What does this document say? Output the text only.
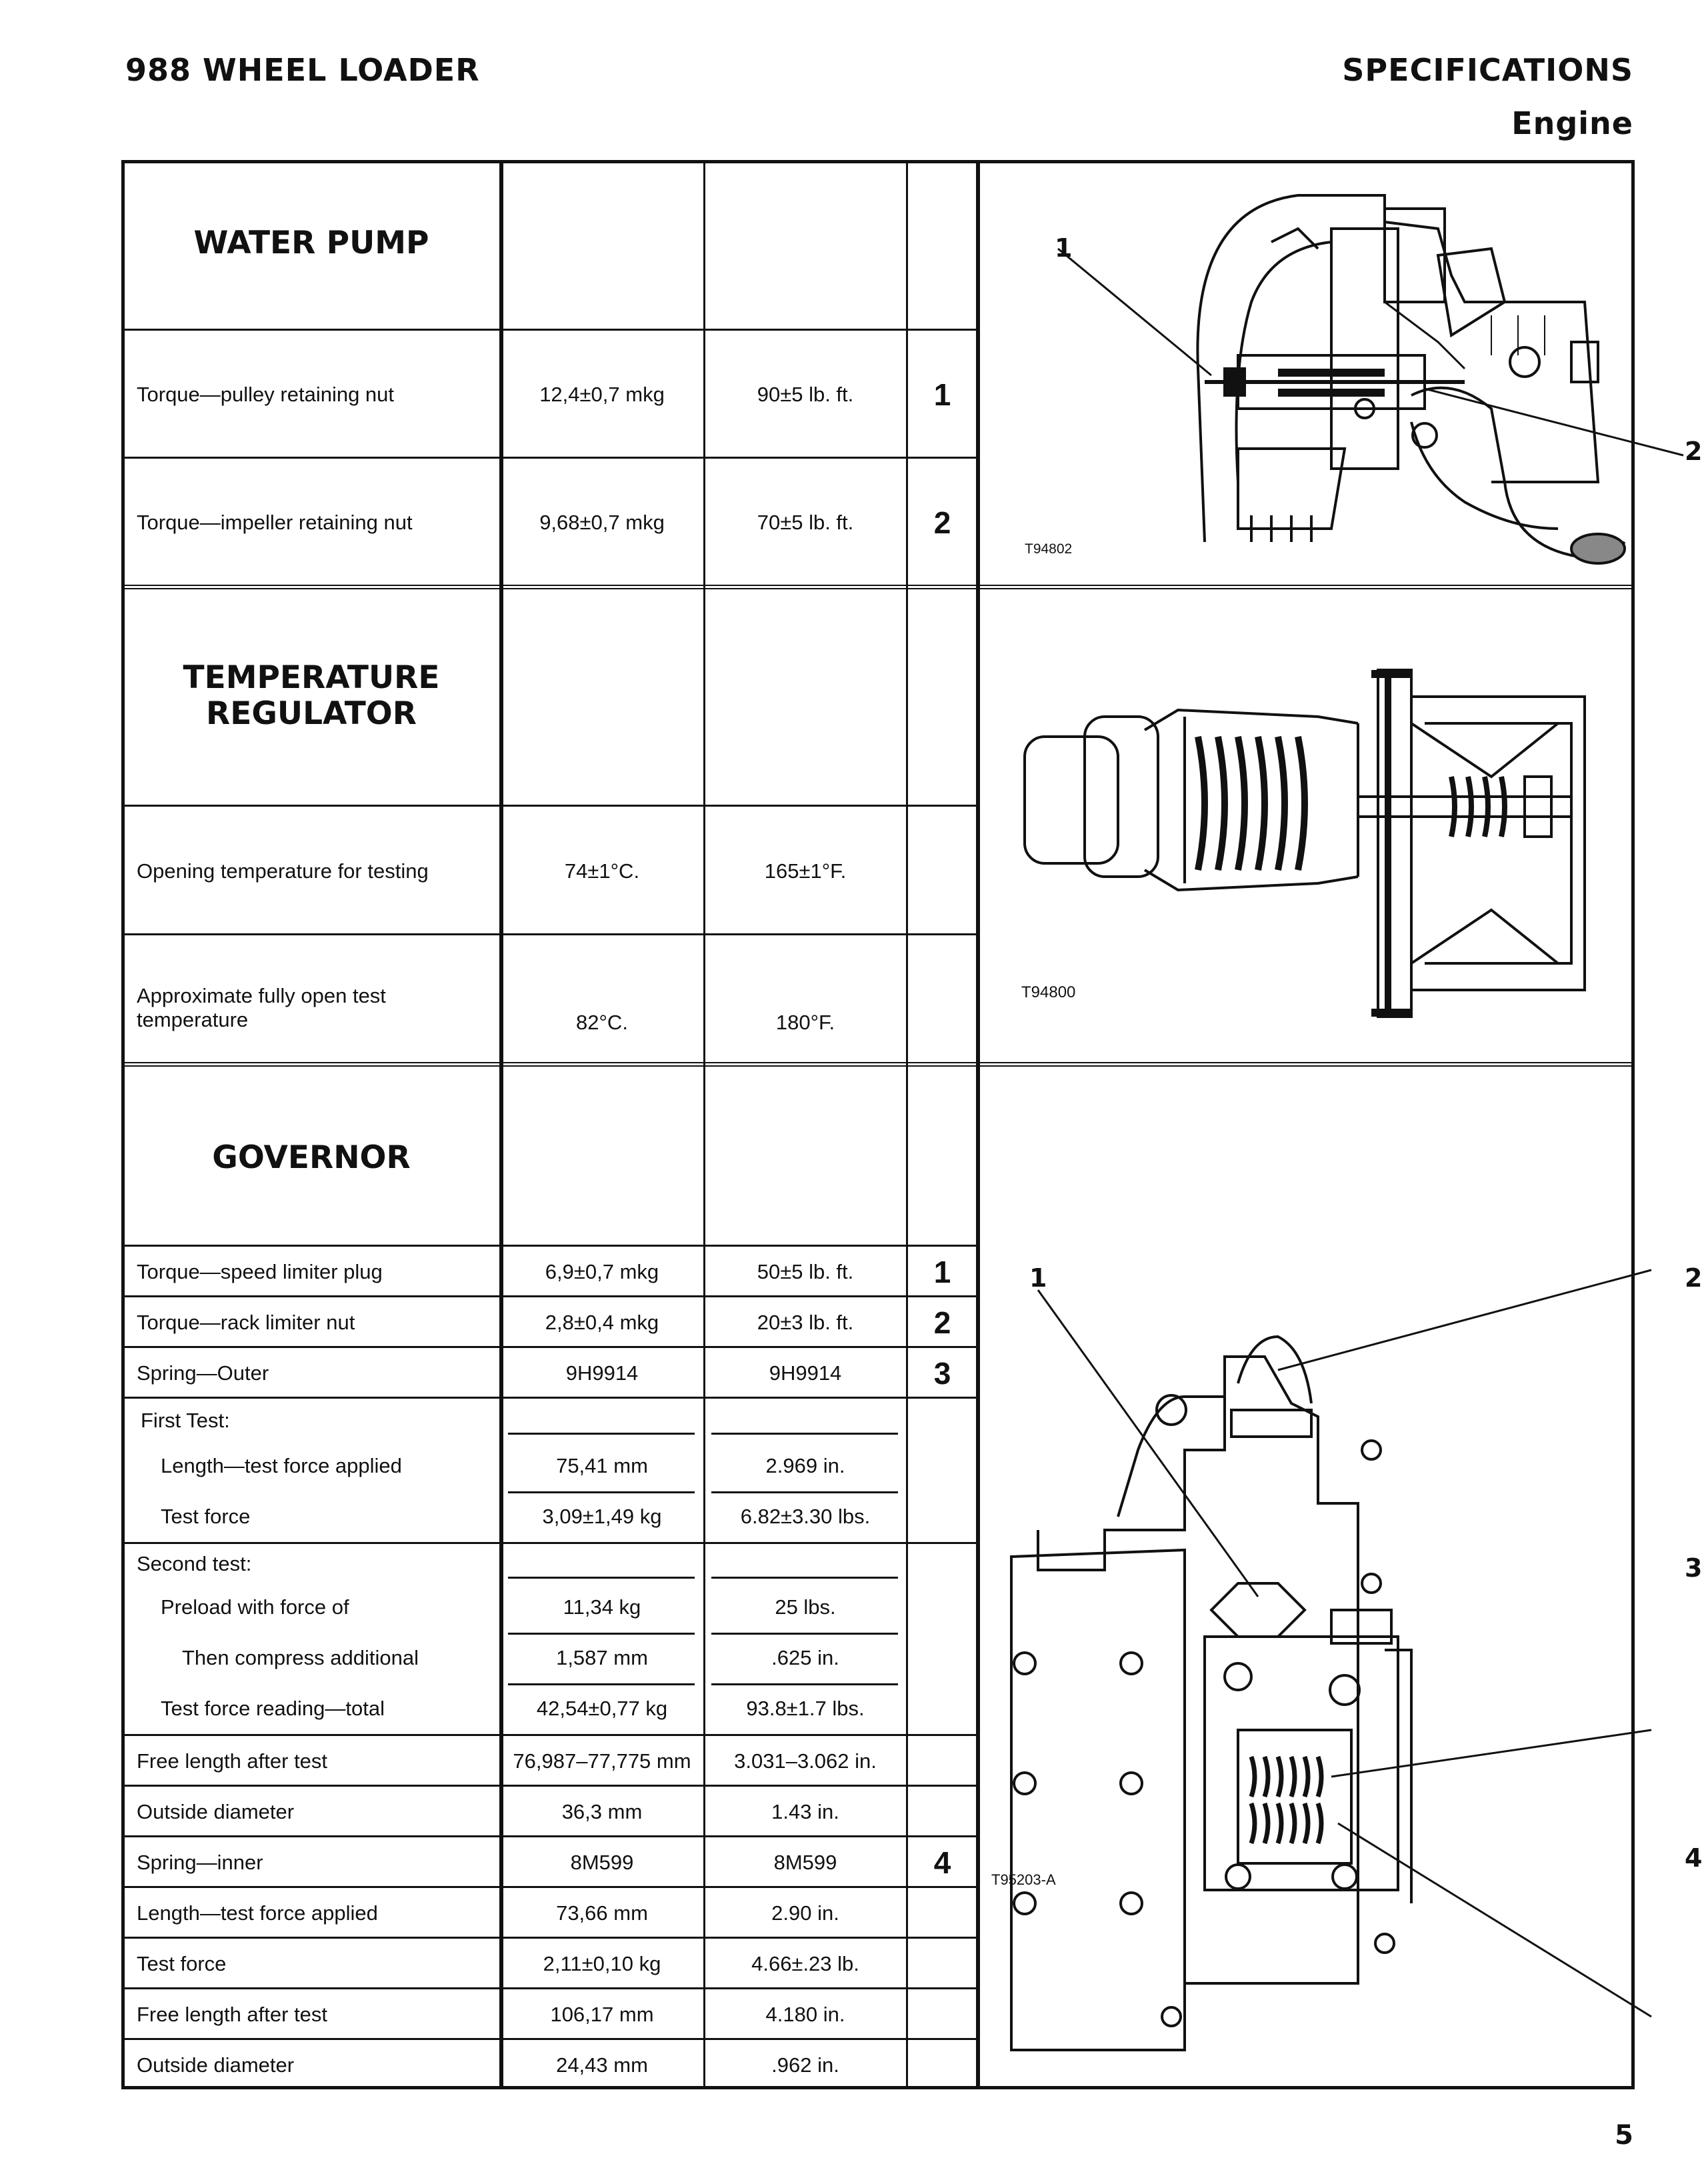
988 WHEEL LOADER	SPECIFICATIONS
Engine
WATER PUMP
Torque—pulley retaining nut	12,4±0,7 mkg	90±5 lb. ft.	1
Torque—impeller retaining nut	9,68±0,7 mkg	70±5 lb. ft.	2
TEMPERATURE
REGULATOR
Opening temperature for testing	74±1°C.	165±1°F.
Approximate fully open test temperature	82°C.	180°F.
GOVERNOR
Torque—speed limiter plug	6,9±0,7 mkg	50±5 lb. ft.	1
Torque—rack limiter nut	2,8±0,4 mkg	20±3 lb. ft.	2
Spring—Outer	9H9914	9H9914	3
First Test:
Length—test force applied	75,41 mm	2.969 in.
Test force	3,09±1,49 kg	6.82±3.30 lbs.
Second test:
Preload with force of	11,34 kg	25 lbs.
Then compress additional	1,587 mm	.625 in.
Test force reading—total	42,54±0,77 kg	93.8±1.7 lbs.
Free length after test	76,987–77,775 mm	3.031–3.062 in.
Outside diameter	36,3 mm	1.43 in.
Spring—inner	8M599	8M599	4
Length—test force applied	73,66 mm	2.90 in.
Test force	2,11±0,10 kg	4.66±.23 lb.
Free length after test	106,17 mm	4.180 in.
Outside diameter	24,43 mm	.962 in.
1
2
T94802
T94800
1	2
3
4
T95203-A
5
